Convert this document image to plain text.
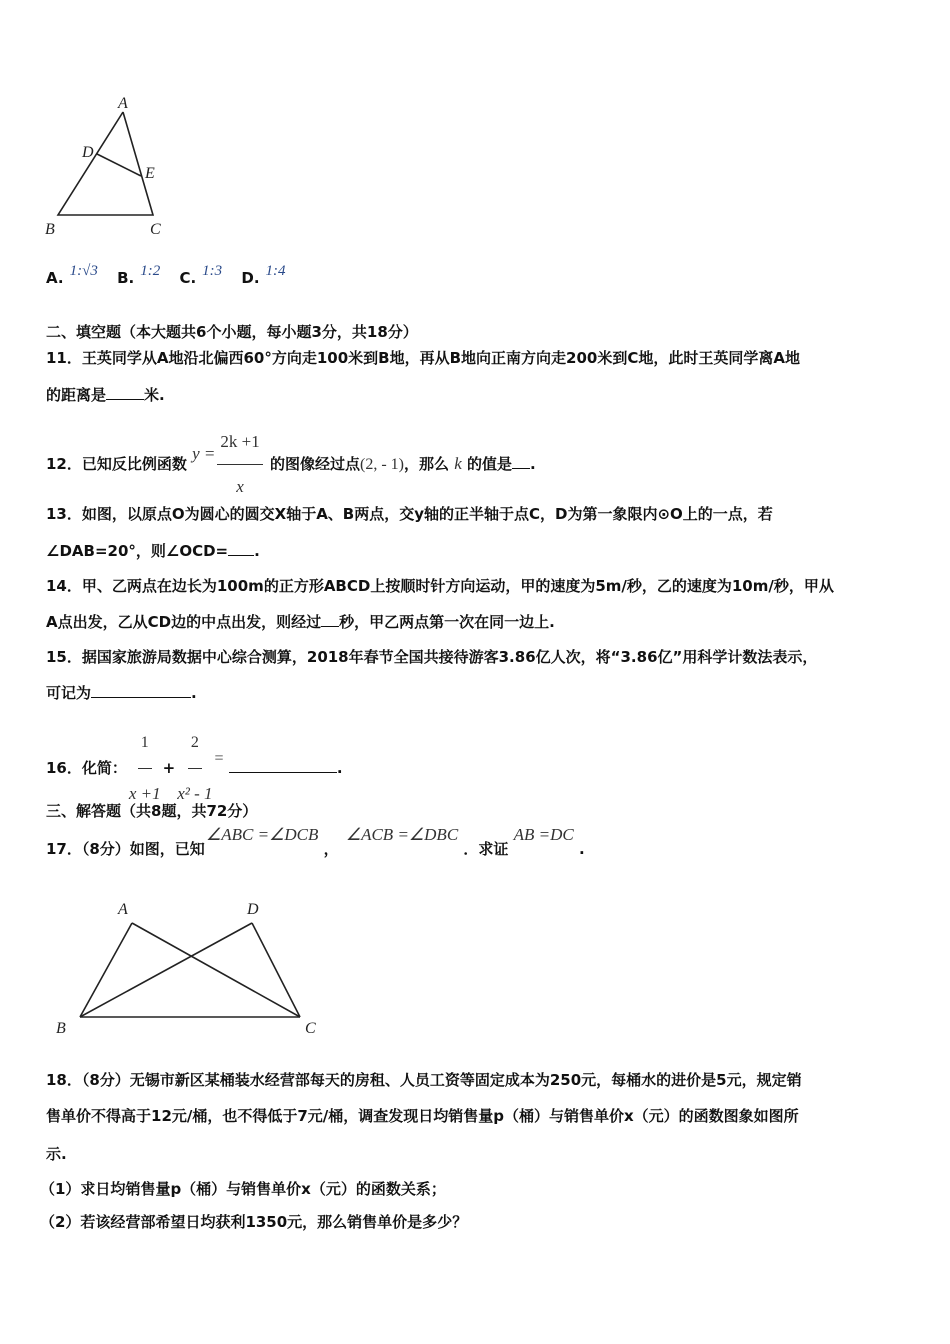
A
D
E
B	C
A. 1:√3 B. 1:2 C. 1:3 D. 1:4
二、填空题（本大题共6个小题，每小题3分，共18分）
11．王英同学从A地沿北偏西60°方向走100米到B地，再从B地向正南方向走200米到C地，此时王英同学离A地
的距离是	米.
12．已知反比例函数 $y = \frac{2k +1}{x}$ 的图像经过点(2, - 1)，那么 k 的值是 .
13．如图，以原点O为圆心的圆交X轴于A、B两点，交y轴的正半轴于点C，D为第一象限内⊙O上的一点，若
∠DAB=20°，则∠OCD= .
14．甲、乙两点在边长为100m的正方形ABCD上按顺时针方向运动，甲的速度为5m/秒，乙的速度为10m/秒，甲从
A点出发，乙从CD边的中点出发，则经过 秒，甲乙两点第一次在同一边上.
15．据国家旅游局数据中心综合测算，2018年春节全国共接待游客3.86亿人次，将“3.86亿”用科学计数法表示，
可记为	.
16．化简： $\frac{1}{x +1} + \frac{2}{\text{x² - 1}}$ = .
三、解答题（共8题，共72分）
17．（8分）如图，已知 ∠ABC =∠DCB ， ∠ACB =∠DBC ．求证 AB =DC .
A	D
B	C
18．（8分）无锡市新区某桶装水经营部每天的房租、人员工资等固定成本为250元，每桶水的进价是5元，规定销
售单价不得高于12元/桶，也不得低于7元/桶，调查发现日均销售量p（桶）与销售单价x（元）的函数图象如图所
示.
（1）求日均销售量p（桶）与销售单价x（元）的函数关系；
（2）若该经营部希望日均获利1350元，那么销售单价是多少？
